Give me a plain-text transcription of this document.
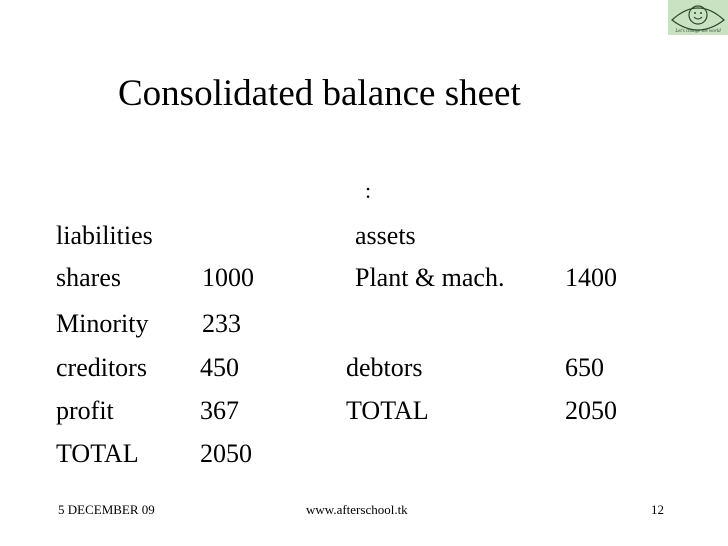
Let's change the world
Consolidated balance sheet
:
liabilities	assets
shares	1000	Plant & mach. 1400
Minority 233
creditors 450	debtors	650
profit	367	TOTAL	2050
TOTAL 2050
5 DECEMBER 09	www.afterschool.tk	12
